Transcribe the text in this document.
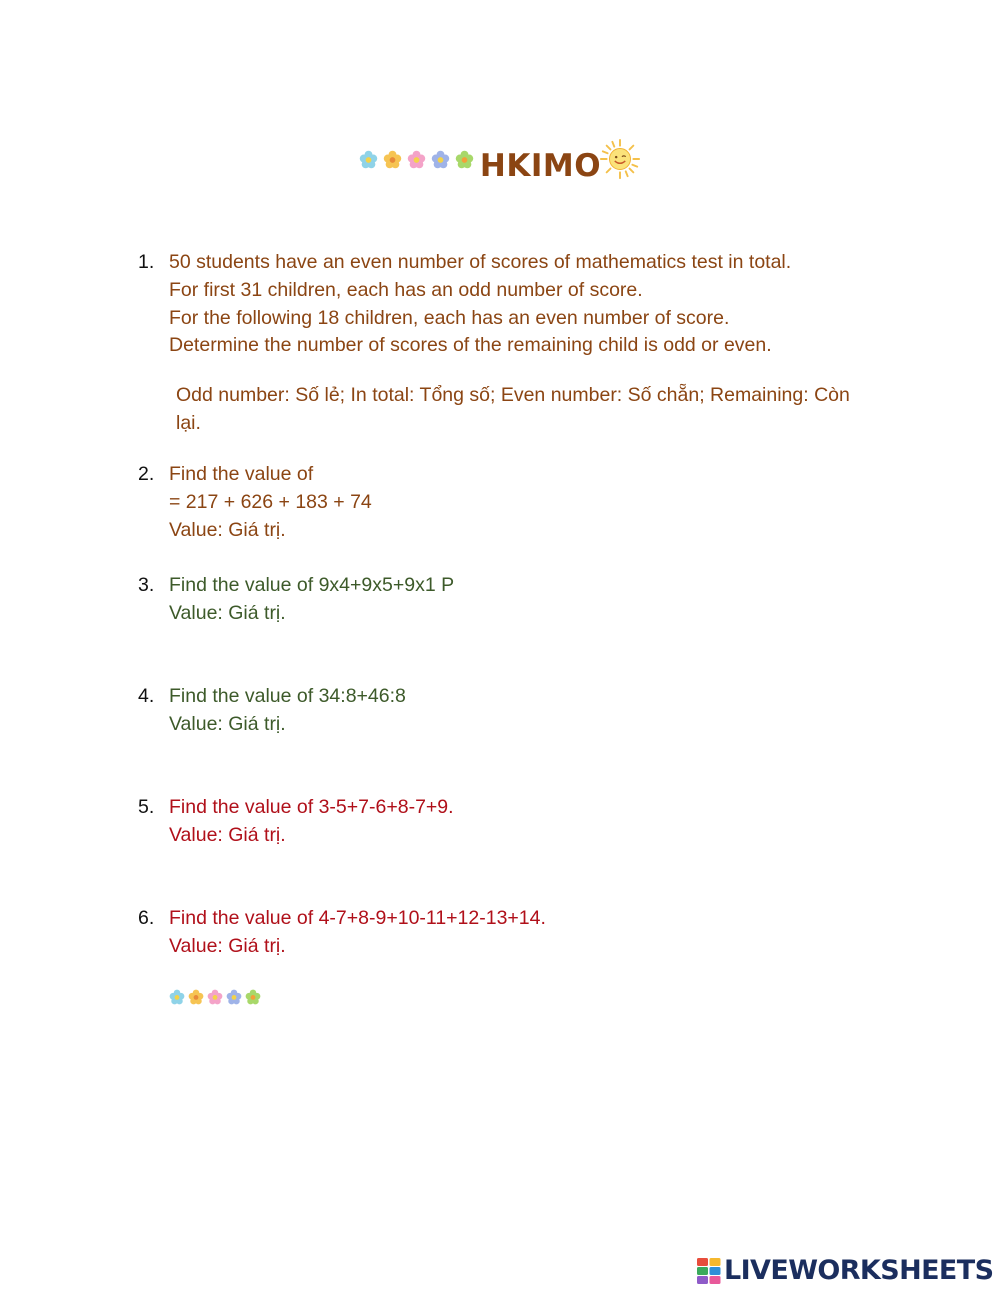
HKIMO
1. 50 students have an even number of scores of mathematics test in total.
For first 31 children, each has an odd number of score.
For the following 18 children, each has an even number of score.
Determine the number of scores of the remaining child is odd or even.
Odd number: Số lẻ; In total: Tổng số; Even number: Số chẵn; Remaining: Còn lại.
2. Find the value of
= 217 + 626 + 183 + 74
Value: Giá trị.
3. Find the value of 9x4+9x5+9x1 P
Value: Giá trị.
4. Find the value of 34:8+46:8
Value: Giá trị.
5. Find the value of 3-5+7-6+8-7+9.
Value: Giá trị.
6. Find the value of 4-7+8-9+10-11+12-13+14.
Value: Giá trị.
LIVEWORKSHEETS
